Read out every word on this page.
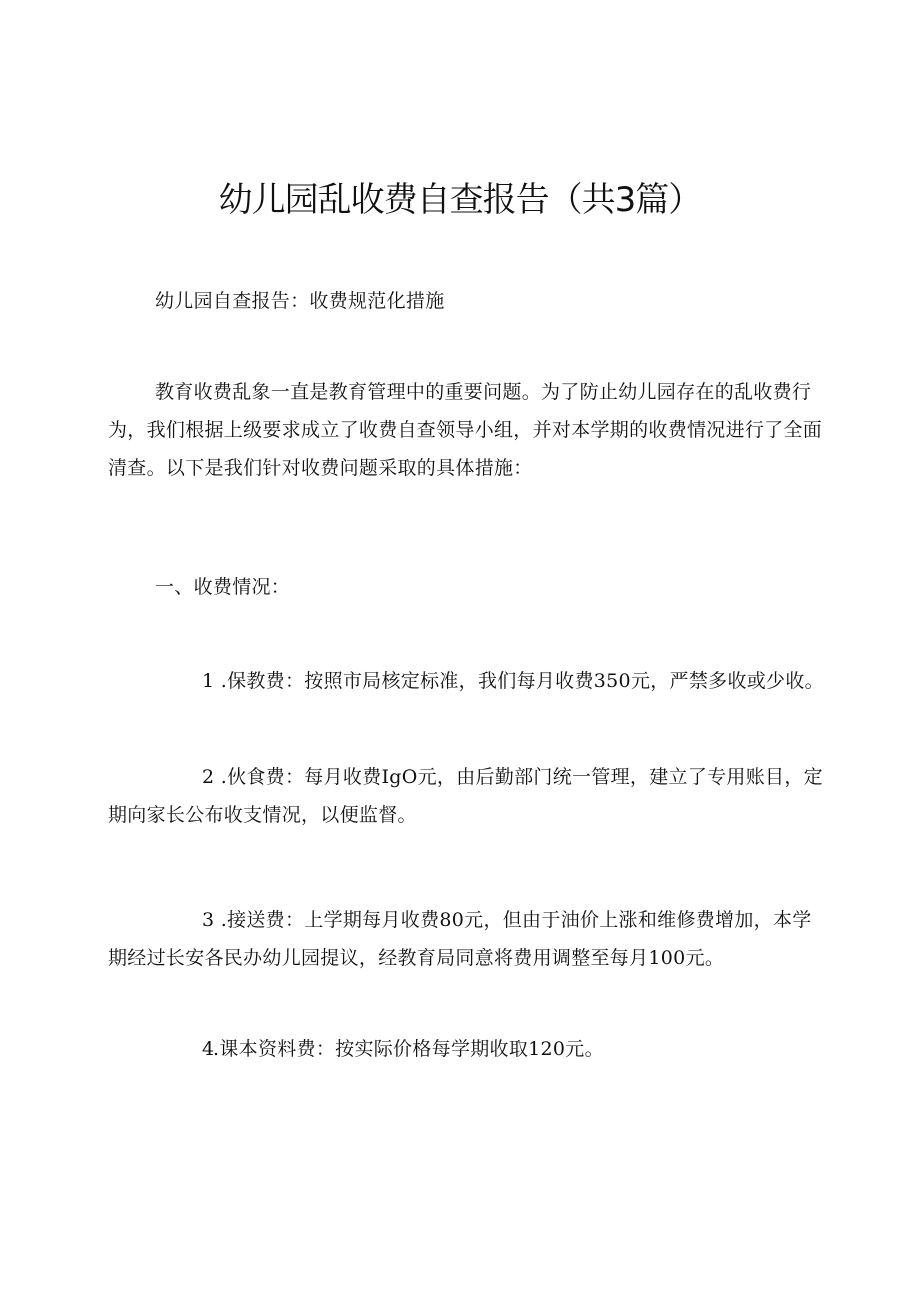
幼儿园乱收费自查报告（共3篇）

幼儿园自查报告：收费规范化措施

教育收费乱象一直是教育管理中的重要问题。为了防止幼儿园存在的乱收费行为，我们根据上级要求成立了收费自查领导小组，并对本学期的收费情况进行了全面清查。以下是我们针对收费问题采取的具体措施：

一、收费情况：

1 .保教费：按照市局核定标准，我们每月收费350元，严禁多收或少收。

2 .伙食费：每月收费IgO元，由后勤部门统一管理，建立了专用账目，定期向家长公布收支情况，以便监督。

3 .接送费：上学期每月收费80元，但由于油价上涨和维修费增加，本学期经过长安各民办幼儿园提议，经教育局同意将费用调整至每月100元。

4.课本资料费：按实际价格每学期收取120元。
